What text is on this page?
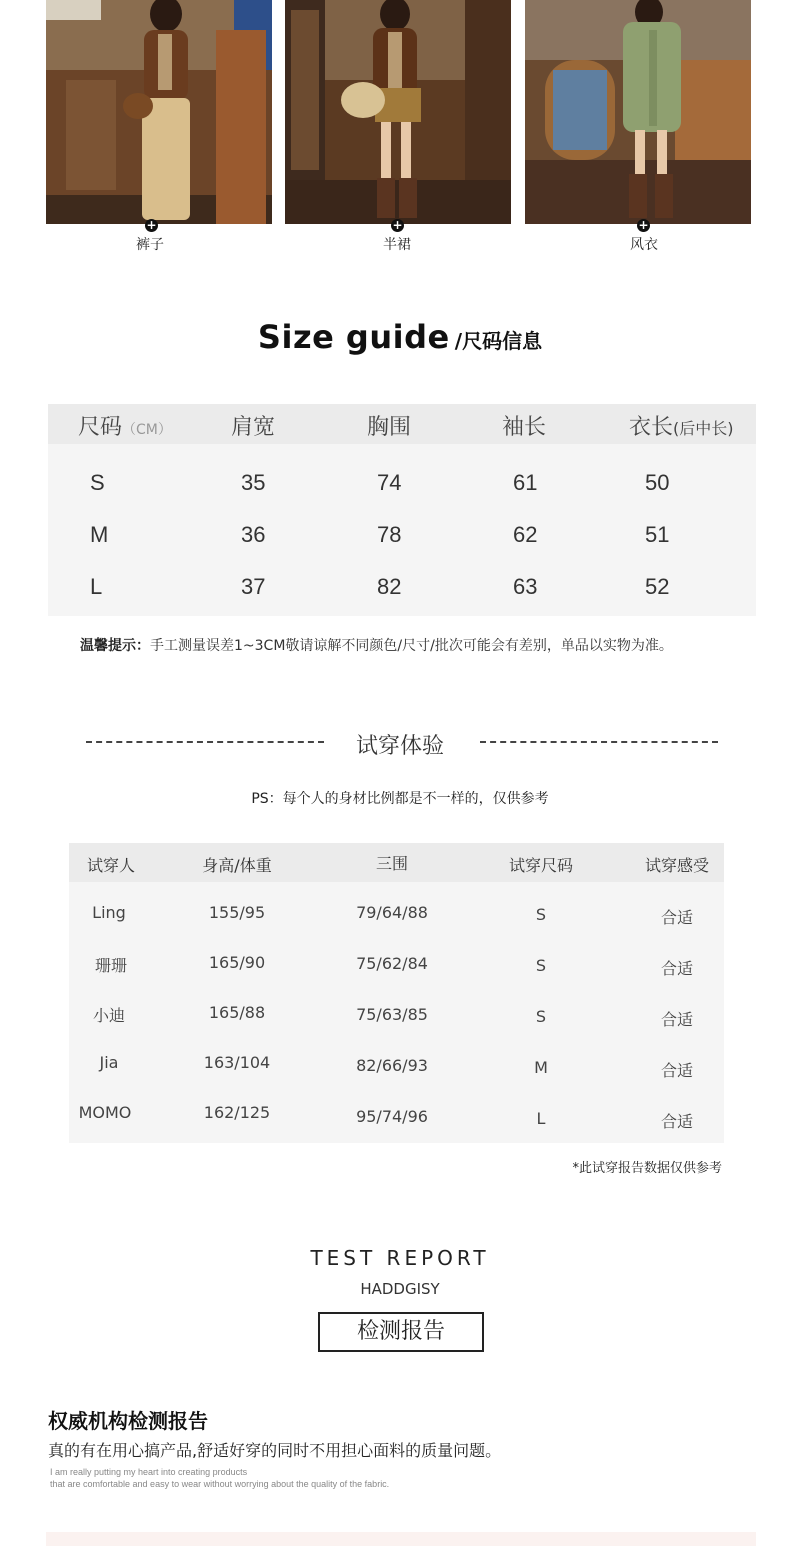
+
裤子
+
半裙
+
风衣
Size guide /尺码信息
尺码（CM）	肩宽	胸围	袖长	衣长(后中长)
S	35	74	61	50
M	36	78	62	51
L	37	82	63	52
温馨提示：手工测量误差1~3CM敬请谅解不同颜色/尺寸/批次可能会有差别，单品以实物为准。
试穿体验
PS：每个人的身材比例都是不一样的，仅供参考
试穿人	身高/体重	三围	试穿尺码	试穿感受
Ling	155/95	79/64/88	S	合适
珊珊	165/90	75/62/84	S	合适
小迪	165/88	75/63/85	S	合适
Jia	163/104	82/66/93	M	合适
MOMO	162/125	95/74/96	L	合适
*此试穿报告数据仅供参考
TEST REPORT
HADDGISY
检测报告
权威机构检测报告
真的有在用心搞产品,舒适好穿的同时不用担心面料的质量问题。
I am really putting my heart into creating products
that are comfortable and easy to wear without worrying about the quality of the fabric.
